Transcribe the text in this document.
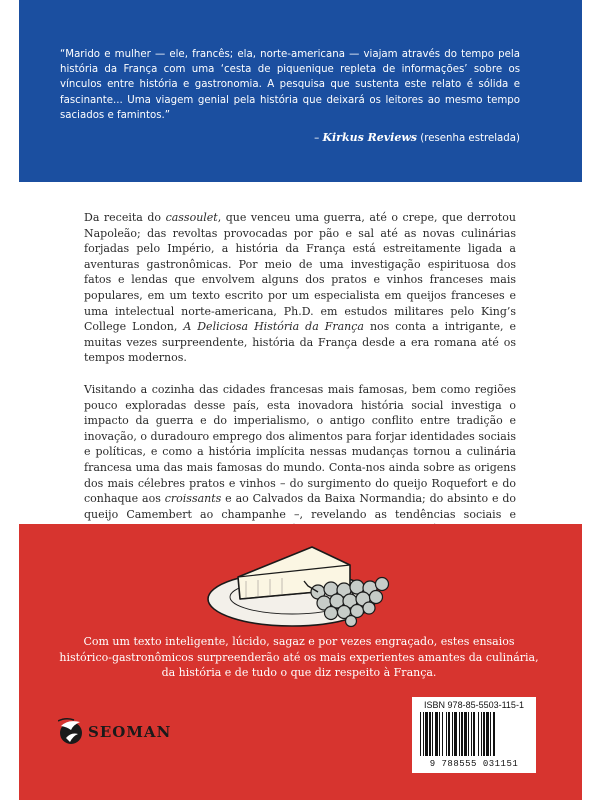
“Marido e mulher — ele, francês; ela, norte-americana — viajam através do tempo pela história da França com uma ‘cesta de piquenique repleta de informações’ sobre os vínculos entre história e gastronomia. A pesquisa que sustenta este relato é sólida e fascinante... Uma viagem genial pela história que deixará os leitores ao mesmo tempo saciados e famintos.”

– Kirkus Reviews (resenha estrelada)

Da receita do cassoulet, que venceu uma guerra, até o crepe, que derrotou Napoleão; das revoltas provocadas por pão e sal até as novas culinárias forjadas pelo Império, a história da França está estreitamente ligada a aventuras gastronômicas. Por meio de uma investigação espirituosa dos fatos e lendas que envolvem alguns dos pratos e vinhos franceses mais populares, em um texto escrito por um especialista em queijos franceses e uma intelectual norte-americana, Ph.D. em estudos militares pelo King’s College London, A Deliciosa História da França nos conta a intrigante, e muitas vezes surpreendente, história da França desde a era romana até os tempos modernos.

Visitando a cozinha das cidades francesas mais famosas, bem como regiões pouco exploradas desse país, esta inovadora história social investiga o impacto da guerra e do imperialismo, o antigo conflito entre tradição e inovação, o duradouro emprego dos alimentos para forjar identidades sociais e políticas, e como a história implícita nessas mudanças tornou a culinária francesa uma das mais famosas do mundo. Conta-nos ainda sobre as origens dos mais célebres pratos e vinhos – do surgimento do queijo Roquefort e do conhaque aos croissants e ao Calvados da Baixa Normandia; do absinto e do queijo Camembert ao champanhe –, revelando as tendências sociais e

Com um texto inteligente, lúcido, sagaz e por vezes engraçado, estes ensaios histórico-gastronômicos surpreenderão até os mais experientes amantes da culinária, da história e de tudo o que diz respeito à França.

SEOMAN
ISBN 978-85-5503-115-1
9 788555 031151
